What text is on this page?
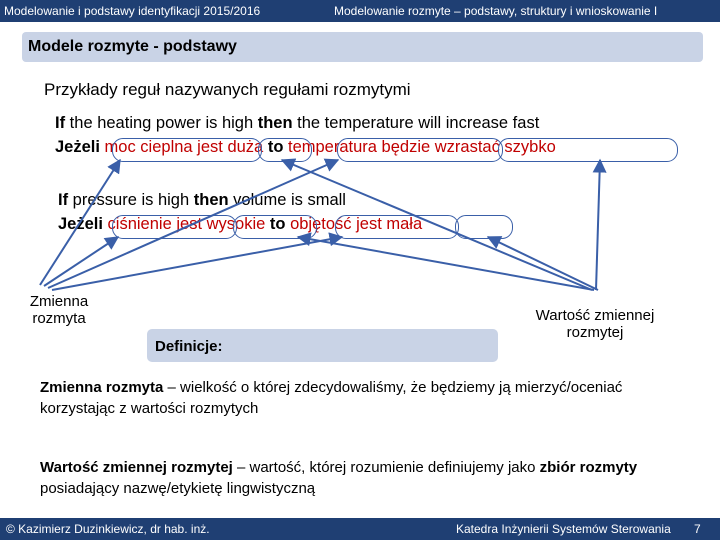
Modelowanie i podstawy identyfikacji 2015/2016	Modelowanie rozmyte – podstawy, struktury i wnioskowanie I
Modele rozmyte - podstawy
Przykłady reguł nazywanych regułami rozmytymi
If the heating power is high then the temperature will increase fast
Jeżeli moc cieplna jest duża to temperatura będzie wzrastać szybko
If pressure is high then volume is small
Jeżeli ciśnienie jest wysokie to objętość jest mała
Zmienna rozmyta	Wartość zmiennej rozmytej
Definicje:
Zmienna rozmyta – wielkość o której zdecydowaliśmy, że będziemy ją mierzyć/oceniać korzystając z wartości rozmytych
Wartość zmiennej rozmytej – wartość, której rozumienie definiujemy jako zbiór rozmyty posiadający nazwę/etykietę lingwistyczną
© Kazimierz Duzinkiewicz, dr hab. inż.	Katedra Inżynierii Systemów Sterowania 7
